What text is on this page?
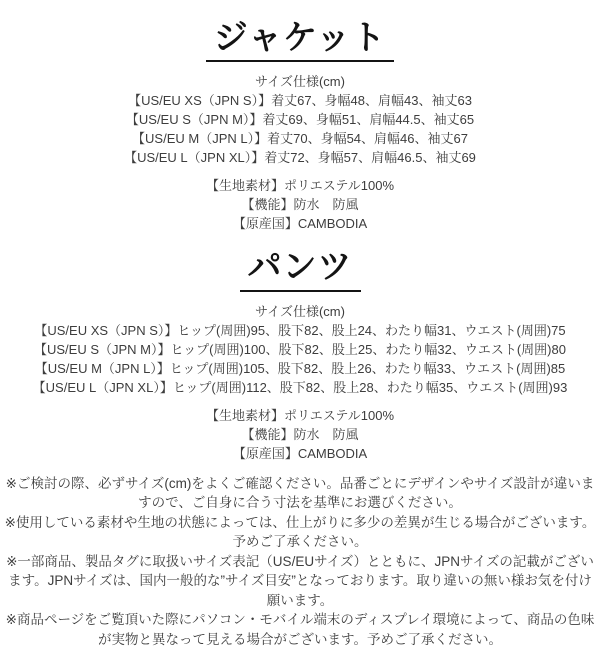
ジャケット
サイズ仕様(cm)
【US/EU XS（JPN S）】着丈67、身幅48、肩幅43、袖丈63
【US/EU S（JPN M）】着丈69、身幅51、肩幅44.5、袖丈65
【US/EU M（JPN L）】着丈70、身幅54、肩幅46、袖丈67
【US/EU L（JPN XL）】着丈72、身幅57、肩幅46.5、袖丈69
【生地素材】ポリエステル100%
【機能】防水　防風
【原産国】CAMBODIA
パンツ
サイズ仕様(cm)
【US/EU XS（JPN S）】ヒップ(周囲)95、股下82、股上24、わたり幅31、ウエスト(周囲)75
【US/EU S（JPN M）】ヒップ(周囲)100、股下82、股上25、わたり幅32、ウエスト(周囲)80
【US/EU M（JPN L）】ヒップ(周囲)105、股下82、股上26、わたり幅33、ウエスト(周囲)85
【US/EU L（JPN XL）】ヒップ(周囲)112、股下82、股上28、わたり幅35、ウエスト(周囲)93
【生地素材】ポリエステル100%
【機能】防水　防風
【原産国】CAMBODIA

※ご検討の際、必ずサイズ(cm)をよくご確認ください。品番ごとにデザインやサイズ設計が違いますので、ご自身に合う寸法を基準にお選びください。

※使用している素材や生地の状態によっては、仕上がりに多少の差異が生じる場合がございます。予めご了承ください。

※一部商品、製品タグに取扱いサイズ表記（US/EUサイズ）とともに、JPNサイズの記載がございます。JPNサイズは、国内一般的な”サイズ目安”となっております。取り違いの無い様お気を付け願います。

※商品ページをご覧頂いた際にパソコン・モバイル端末のディスプレイ環境によって、商品の色味が実物と異なって見える場合がございます。予めご了承ください。
